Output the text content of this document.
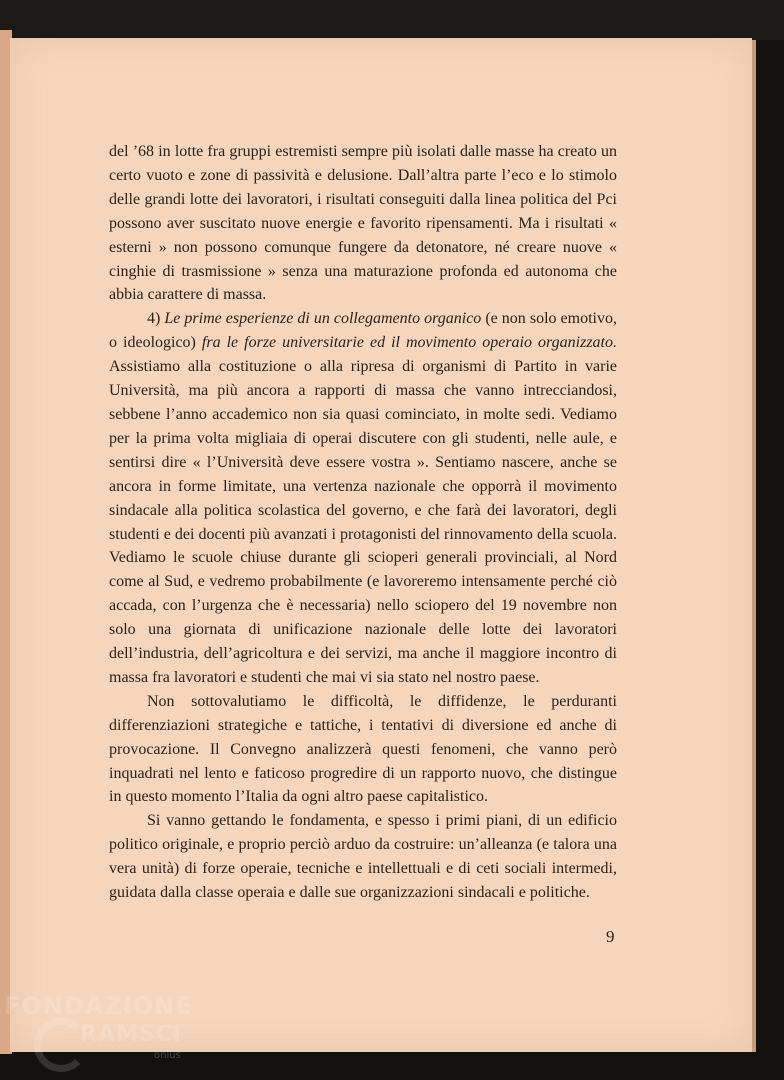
del ’68 in lotte fra gruppi estremisti sempre più isolati dalle masse ha creato un certo vuoto e zone di passività e delusione. Dall’altra parte l’eco e lo stimolo delle grandi lotte dei lavoratori, i risultati conseguiti dalla linea politica del Pci possono aver suscitato nuove energie e favorito ripensamenti. Ma i risultati « esterni » non possono comunque fungere da detonatore, né creare nuove « cinghie di trasmissione » senza una maturazione profonda ed autonoma che abbia carattere di massa.

4) Le prime esperienze di un collegamento organico (e non solo emotivo, o ideologico) fra le forze universitarie ed il movimento operaio organizzato. Assistiamo alla costituzione o alla ripresa di organismi di Partito in varie Università, ma più ancora a rapporti di massa che vanno intrecciandosi, sebbene l’anno accademico non sia quasi cominciato, in molte sedi. Vediamo per la prima volta migliaia di operai discutere con gli studenti, nelle aule, e sentirsi dire « l’Università deve essere vostra ». Sentiamo nascere, anche se ancora in forme limitate, una vertenza nazionale che opporrà il movimento sindacale alla politica scolastica del governo, e che farà dei lavoratori, degli studenti e dei docenti più avanzati i protagonisti del rinnovamento della scuola. Vediamo le scuole chiuse durante gli scioperi generali provinciali, al Nord come al Sud, e vedremo probabilmente (e lavoreremo intensamente perché ciò accada, con l’urgenza che è necessaria) nello sciopero del 19 novembre non solo una giornata di unificazione nazionale delle lotte dei lavoratori dell’industria, dell’agricoltura e dei servizi, ma anche il maggiore incontro di massa fra lavoratori e studenti che mai vi sia stato nel nostro paese.

Non sottovalutiamo le difficoltà, le diffidenze, le perduranti differenziazioni strategiche e tattiche, i tentativi di diversione ed anche di provocazione. Il Convegno analizzerà questi fenomeni, che vanno però inquadrati nel lento e faticoso progredire di un rapporto nuovo, che distingue in questo momento l’Italia da ogni altro paese capitalistico.

Si vanno gettando le fondamenta, e spesso i primi piani, di un edificio politico originale, e proprio perciò arduo da costruire: un’alleanza (e talora una vera unità) di forze operaie, tecniche e intellettuali e di ceti sociali intermedi, guidata dalla classe operaia e dalle sue organizzazioni sindacali e politiche.

9
FONDAZIONE
RAMSCI
onlus
